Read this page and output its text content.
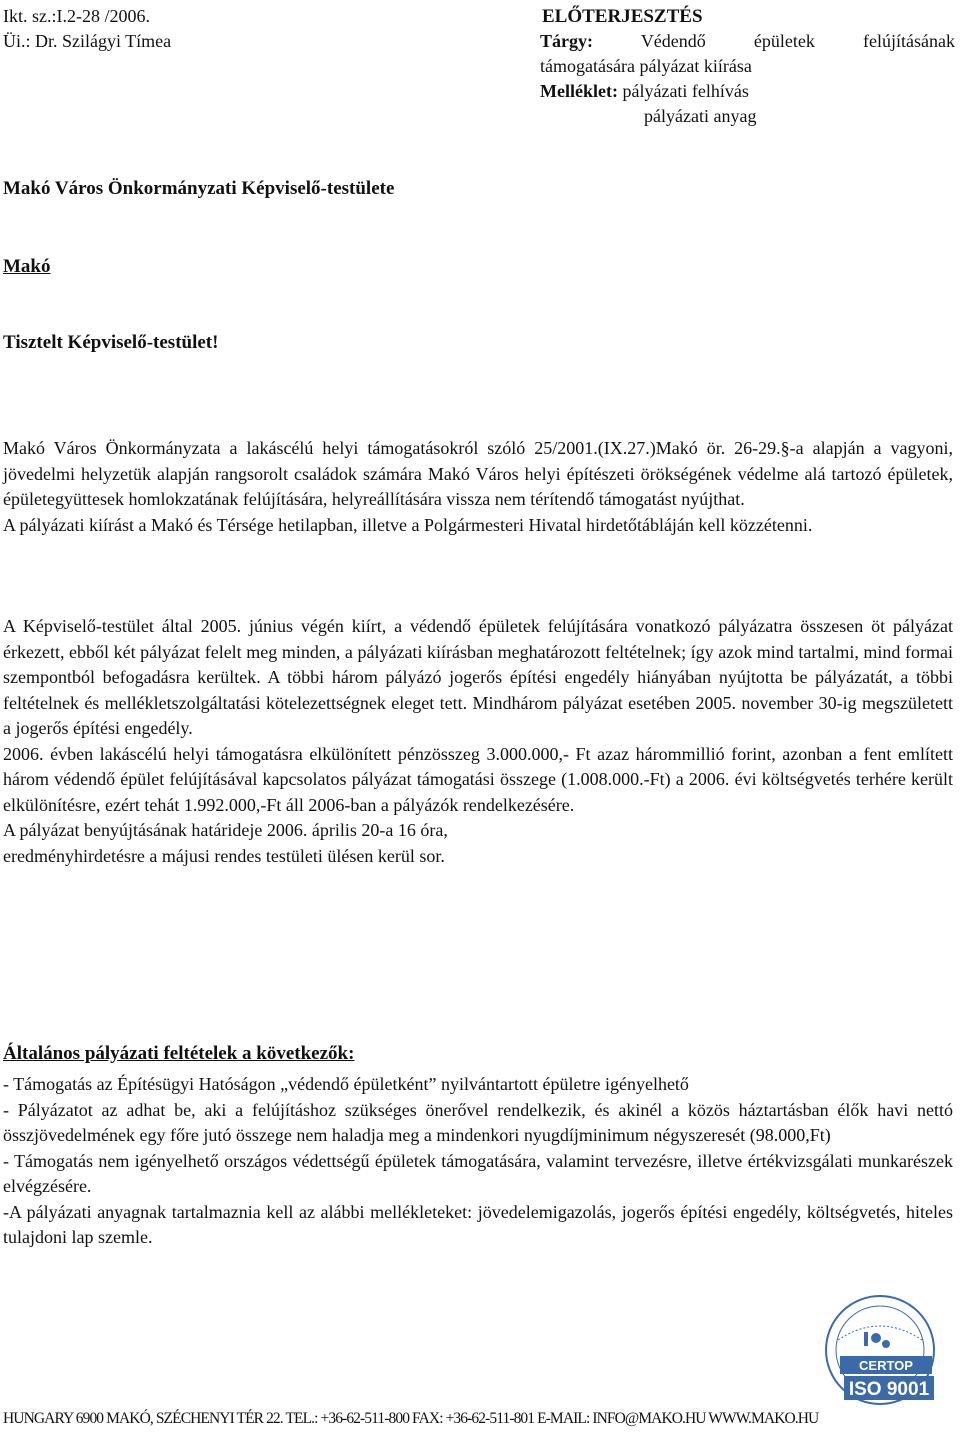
Ikt. sz.:I.2-28 /2006.
Üi.: Dr. Szilágyi Tímea
ELŐTERJESZTÉS
Tárgy:	Védendő épületek felújításának
támogatására pályázat kiírása
Melléklet: pályázati felhívás
pályázati anyag
Makó Város Önkormányzati Képviselő-testülete
Makó
Tisztelt Képviselő-testület!

Makó Város Önkormányzata a lakáscélú helyi támogatásokról szóló 25/2001.(IX.27.)Makó ör. 26-29.§-a alapján a vagyoni, jövedelmi helyzetük alapján rangsorolt családok számára Makó Város helyi építészeti örökségének védelme alá tartozó épületek, épületegyüttesek homlokzatának felújítására, helyreállítására vissza nem térítendő támogatást nyújthat.

A pályázati kiírást a Makó és Térsége hetilapban, illetve a Polgármesteri Hivatal hirdetőtábláján kell közzétenni.

A Képviselő-testület által 2005. június végén kiírt, a védendő épületek felújítására vonatkozó pályázatra összesen öt pályázat érkezett, ebből két pályázat felelt meg minden, a pályázati kiírásban meghatározott feltételnek; így azok mind tartalmi, mind formai szempontból befogadásra kerültek. A többi három pályázó jogerős építési engedély hiányában nyújtotta be pályázatát, a többi feltételnek és mellékletszolgáltatási kötelezettségnek eleget tett. Mindhárom pályázat esetében 2005. november 30-ig megszületett a jogerős építési engedély.

2006. évben lakáscélú helyi támogatásra elkülönített pénzösszeg 3.000.000,- Ft azaz hárommillió forint, azonban a fent említett három védendő épület felújításával kapcsolatos pályázat támogatási összege (1.008.000.-Ft) a 2006. évi költségvetés terhére került elkülönítésre, ezért tehát 1.992.000,-Ft áll 2006-ban a pályázók rendelkezésére.

A pályázat benyújtásának határideje 2006. április 20-a 16 óra,

eredményhirdetésre a májusi rendes testületi ülésen kerül sor.

Általános pályázati feltételek a következők:

- Támogatás az Építésügyi Hatóságon „védendő épületként” nyilvántartott épületre igényelhető

- Pályázatot az adhat be, aki a felújításhoz szükséges önerővel rendelkezik, és akinél a közös háztartásban élők havi nettó összjövedelmének egy főre jutó összege nem haladja meg a mindenkori nyugdíjminimum négyszeresét (98.000,Ft)

- Támogatás nem igényelhető országos védettségű épületek támogatására, valamint tervezésre, illetve értékvizsgálati munkarészek elvégzésére.

-A pályázati anyagnak tartalmaznia kell az alábbi mellékleteket: jövedelemigazolás, jogerős építési engedély, költségvetés, hiteles tulajdoni lap szemle.

CERTOP
ISO 9001
HUNGARY 6900 MAKÓ, SZÉCHENYI TÉR 22. TEL.: +36-62-511-800 FAX: +36-62-511-801 E-MAIL: INFO@MAKO.HU WWW.MAKO.HU
